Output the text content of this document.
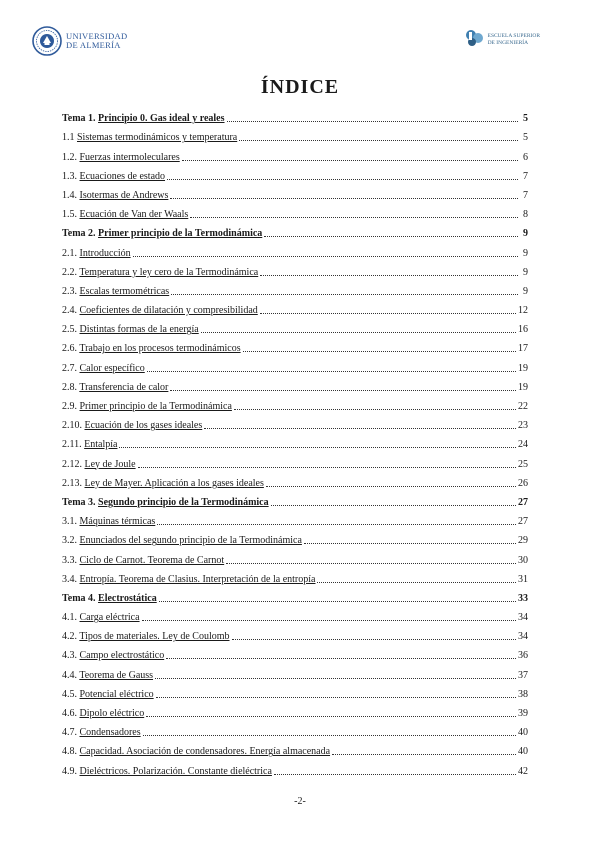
UNIVERSIDAD
DE ALMERÍA
ESCUELA SUPERIOR
DE INGENIERÍA
ÍNDICE
Tema 1. Principio 0. Gas ideal y reales	5
1.1 Sistemas termodinámicos y temperatura	5
1.2. Fuerzas intermoleculares	6
1.3. Ecuaciones de estado	7
1.4. Isotermas de Andrews	7
1.5. Ecuación de Van der Waals	8
Tema 2. Primer principio de la Termodinámica	9
2.1. Introducción	9
2.2. Temperatura y ley cero de la Termodinámica	9
2.3. Escalas termométricas	9
2.4. Coeficientes de dilatación y compresibilidad	12
2.5. Distintas formas de la energía	16
2.6. Trabajo en los procesos termodinámicos	17
2.7. Calor específico	19
2.8. Transferencia de calor	19
2.9. Primer principio de la Termodinámica	22
2.10. Ecuación de los gases ideales	23
2.11. Entalpía	24
2.12. Ley de Joule	25
2.13. Ley de Mayer. Aplicación a los gases ideales	26
Tema 3. Segundo principio de la Termodinámica	27
3.1. Máquinas térmicas	27
3.2. Enunciados del segundo principio de la Termodinámica	29
3.3. Ciclo de Carnot. Teorema de Carnot	30
3.4. Entropía. Teorema de Clasius. Interpretación de la entropía	31
Tema 4. Electrostática	33
4.1. Carga eléctrica	34
4.2. Tipos de materiales. Ley de Coulomb	34
4.3. Campo electrostático	36
4.4. Teorema de Gauss	37
4.5. Potencial eléctrico	38
4.6. Dipolo eléctrico	39
4.7. Condensadores	40
4.8. Capacidad. Asociación de condensadores. Energía almacenada	40
4.9. Dieléctricos. Polarización. Constante dieléctrica	42
-2-
